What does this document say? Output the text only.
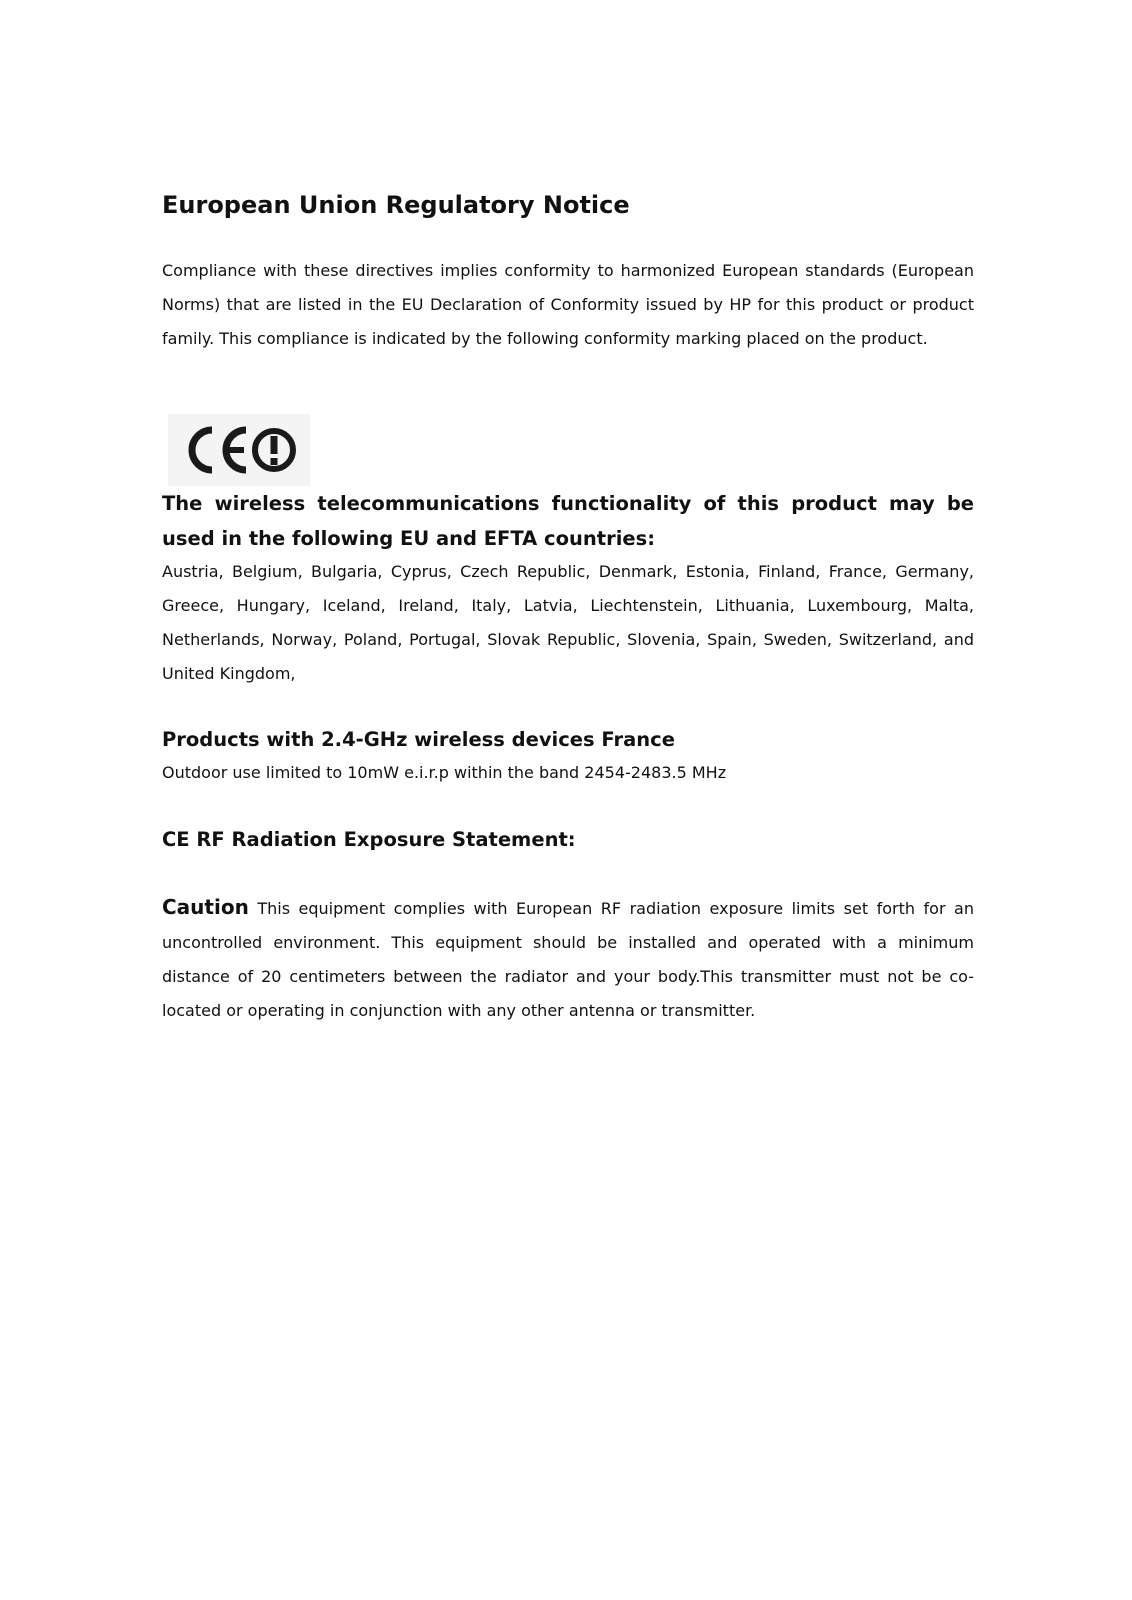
European Union Regulatory Notice

Compliance with these directives implies conformity to harmonized European standards (European Norms) that are listed in the EU Declaration of Conformity issued by HP for this product or product family. This compliance is indicated by the following conformity marking placed on the product.

The wireless telecommunications functionality of this product may be used in the following EU and EFTA countries:

Austria, Belgium, Bulgaria, Cyprus, Czech Republic, Denmark, Estonia, Finland, France, Germany, Greece, Hungary, Iceland, Ireland, Italy, Latvia, Liechtenstein, Lithuania, Luxembourg, Malta, Netherlands, Norway, Poland, Portugal, Slovak Republic, Slovenia, Spain, Sweden, Switzerland, and United Kingdom,

Products with 2.4-GHz wireless devices France

Outdoor use limited to 10mW e.i.r.p within the band 2454-2483.5 MHz

CE RF Radiation Exposure Statement:

Caution This equipment complies with European RF radiation exposure limits set forth for an uncontrolled environment. This equipment should be installed and operated with a minimum distance of 20 centimeters between the radiator and your body.This transmitter must not be co-located or operating in conjunction with any other antenna or transmitter.
